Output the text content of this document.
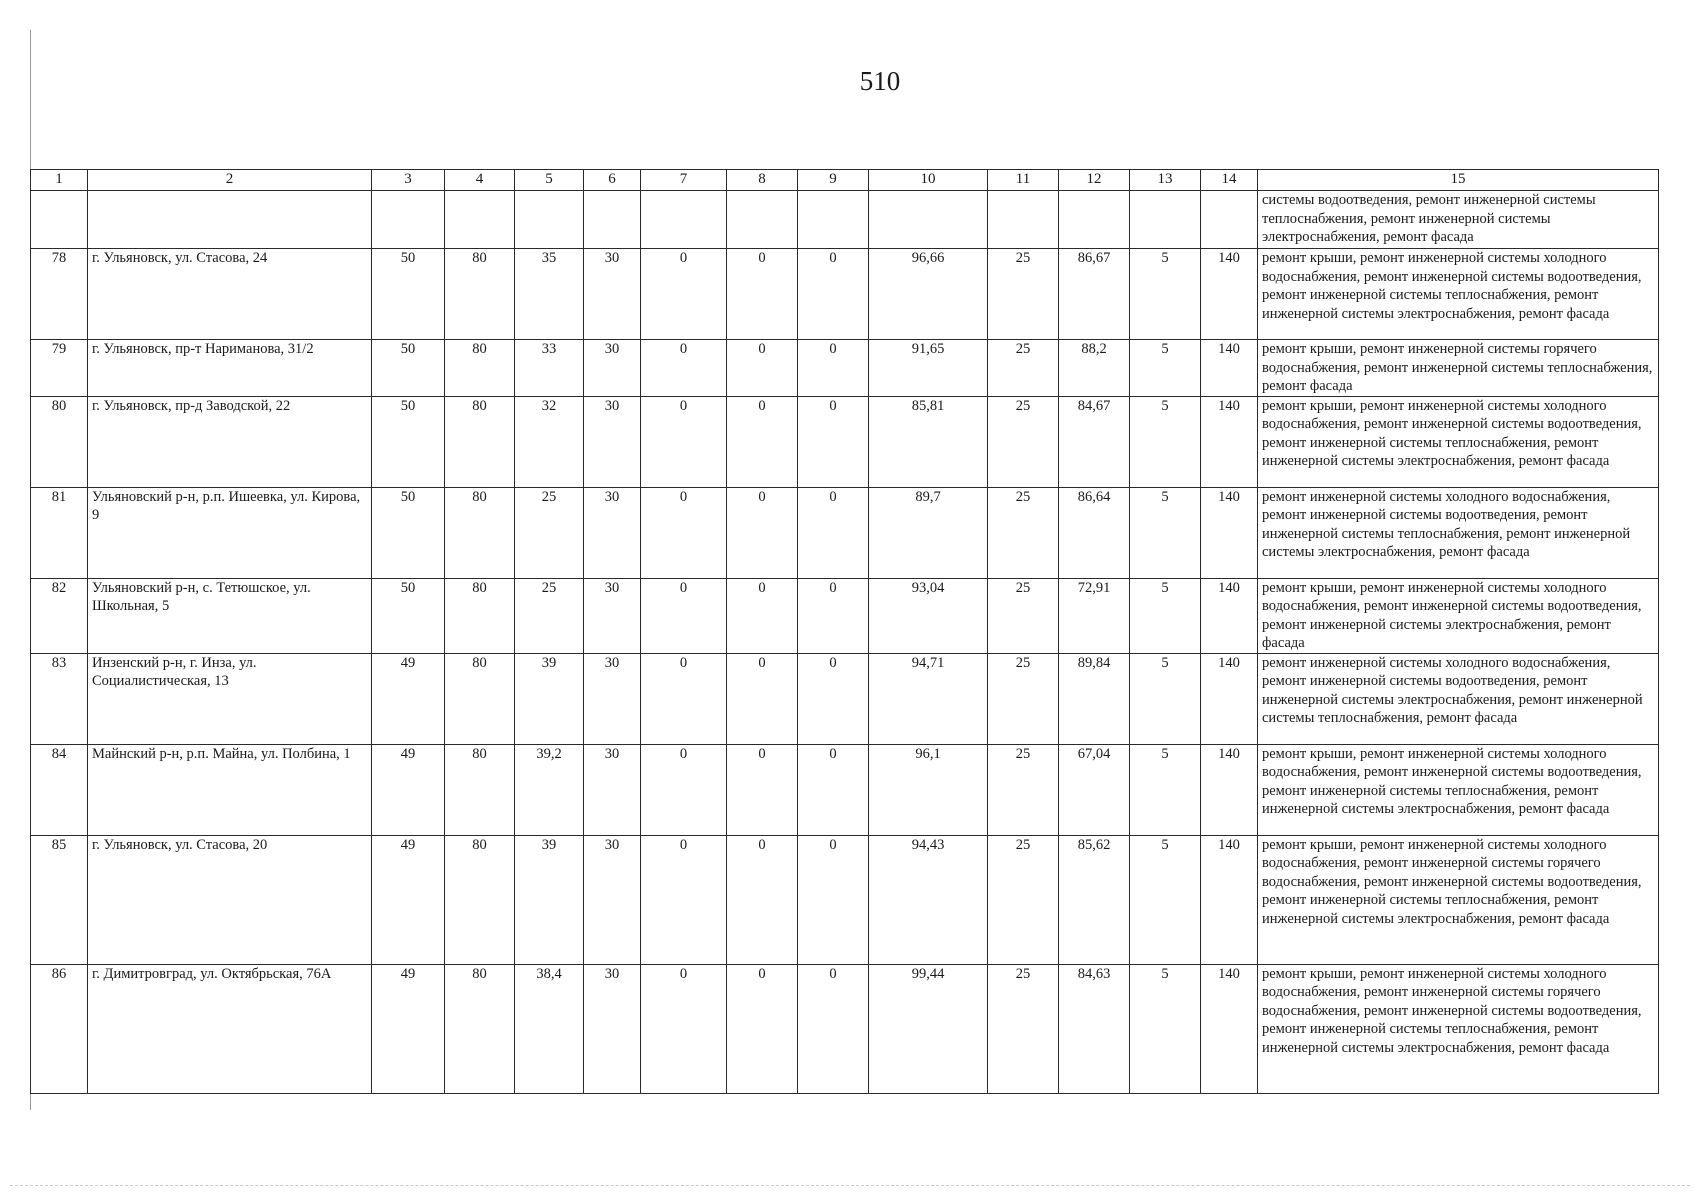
510
1	2	3	4	5	6	7	8	9	10	11	12	13	14	15
														системы водоотведения, ремонт инженерной системы теплоснабжения, ремонт инженерной системы электроснабжения, ремонт фасада
78	г. Ульяновск, ул. Стасова, 24	50	80	35	30	0	0	0	96,66	25	86,67	5	140	ремонт крыши, ремонт инженерной системы холодного водоснабжения, ремонт инженерной системы водоотведения, ремонт инженерной системы теплоснабжения, ремонт инженерной системы электроснабжения, ремонт фасада
79	г. Ульяновск, пр-т Нариманова, 31/2	50	80	33	30	0	0	0	91,65	25	88,2	5	140	ремонт крыши, ремонт инженерной системы горячего водоснабжения, ремонт инженерной системы теплоснабжения, ремонт фасада
80	г. Ульяновск, пр-д Заводской, 22	50	80	32	30	0	0	0	85,81	25	84,67	5	140	ремонт крыши, ремонт инженерной системы холодного водоснабжения, ремонт инженерной системы водоотведения, ремонт инженерной системы теплоснабжения, ремонт инженерной системы электроснабжения, ремонт фасада
81	Ульяновский р-н, р.п. Ишеевка, ул. Кирова, 9	50	80	25	30	0	0	0	89,7	25	86,64	5	140	ремонт инженерной системы холодного водоснабжения, ремонт инженерной системы водоотведения, ремонт инженерной системы теплоснабжения, ремонт инженерной системы электроснабжения, ремонт фасада
82	Ульяновский р-н, с. Тетюшское, ул. Школьная, 5	50	80	25	30	0	0	0	93,04	25	72,91	5	140	ремонт крыши, ремонт инженерной системы холодного водоснабжения, ремонт инженерной системы водоотведения, ремонт инженерной системы электроснабжения, ремонт фасада
83	Инзенский р-н, г. Инза, ул. Социалистическая, 13	49	80	39	30	0	0	0	94,71	25	89,84	5	140	ремонт инженерной системы холодного водоснабжения, ремонт инженерной системы водоотведения, ремонт инженерной системы электроснабжения, ремонт инженерной системы теплоснабжения, ремонт фасада
84	Майнский р-н, р.п. Майна, ул. Полбина, 1	49	80	39,2	30	0	0	0	96,1	25	67,04	5	140	ремонт крыши, ремонт инженерной системы холодного водоснабжения, ремонт инженерной системы водоотведения, ремонт инженерной системы теплоснабжения, ремонт инженерной системы электроснабжения, ремонт фасада
85	г. Ульяновск, ул. Стасова, 20	49	80	39	30	0	0	0	94,43	25	85,62	5	140	ремонт крыши, ремонт инженерной системы холодного водоснабжения, ремонт инженерной системы горячего водоснабжения, ремонт инженерной системы водоотведения, ремонт инженерной системы теплоснабжения, ремонт инженерной системы электроснабжения, ремонт фасада
86	г. Димитровград, ул. Октябрьская, 76А	49	80	38,4	30	0	0	0	99,44	25	84,63	5	140	ремонт крыши, ремонт инженерной системы холодного водоснабжения, ремонт инженерной системы горячего водоснабжения, ремонт инженерной системы водоотведения, ремонт инженерной системы теплоснабжения, ремонт инженерной системы электроснабжения, ремонт фасада
